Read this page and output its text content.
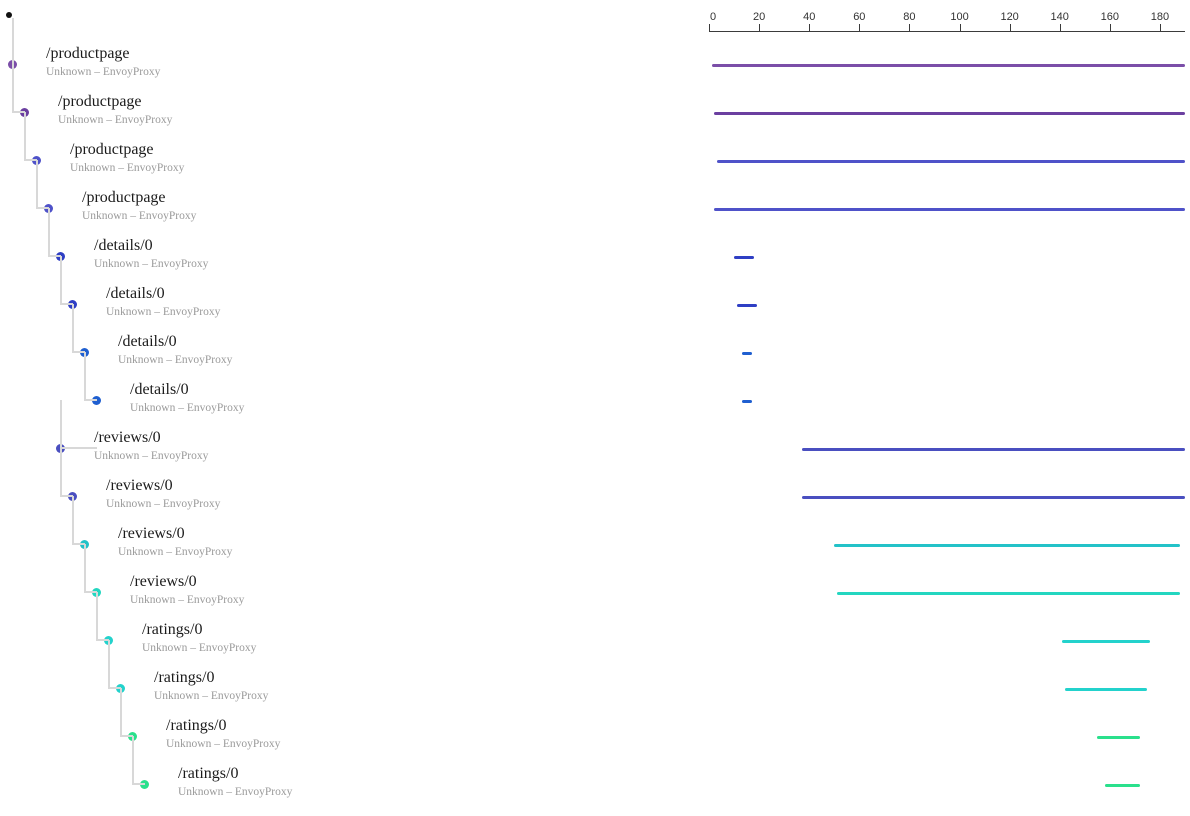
/productpage
Unknown – EnvoyProxy
/productpage
Unknown – EnvoyProxy
/productpage
Unknown – EnvoyProxy
/productpage
Unknown – EnvoyProxy
/details/0
Unknown – EnvoyProxy
/details/0
Unknown – EnvoyProxy
/details/0
Unknown – EnvoyProxy
/details/0
Unknown – EnvoyProxy
/reviews/0
Unknown – EnvoyProxy
/reviews/0
Unknown – EnvoyProxy
/reviews/0
Unknown – EnvoyProxy
/reviews/0
Unknown – EnvoyProxy
/ratings/0
Unknown – EnvoyProxy
/ratings/0
Unknown – EnvoyProxy
/ratings/0
Unknown – EnvoyProxy
/ratings/0
Unknown – EnvoyProxy
0	20	40	60	80	100	120	140	160	180
